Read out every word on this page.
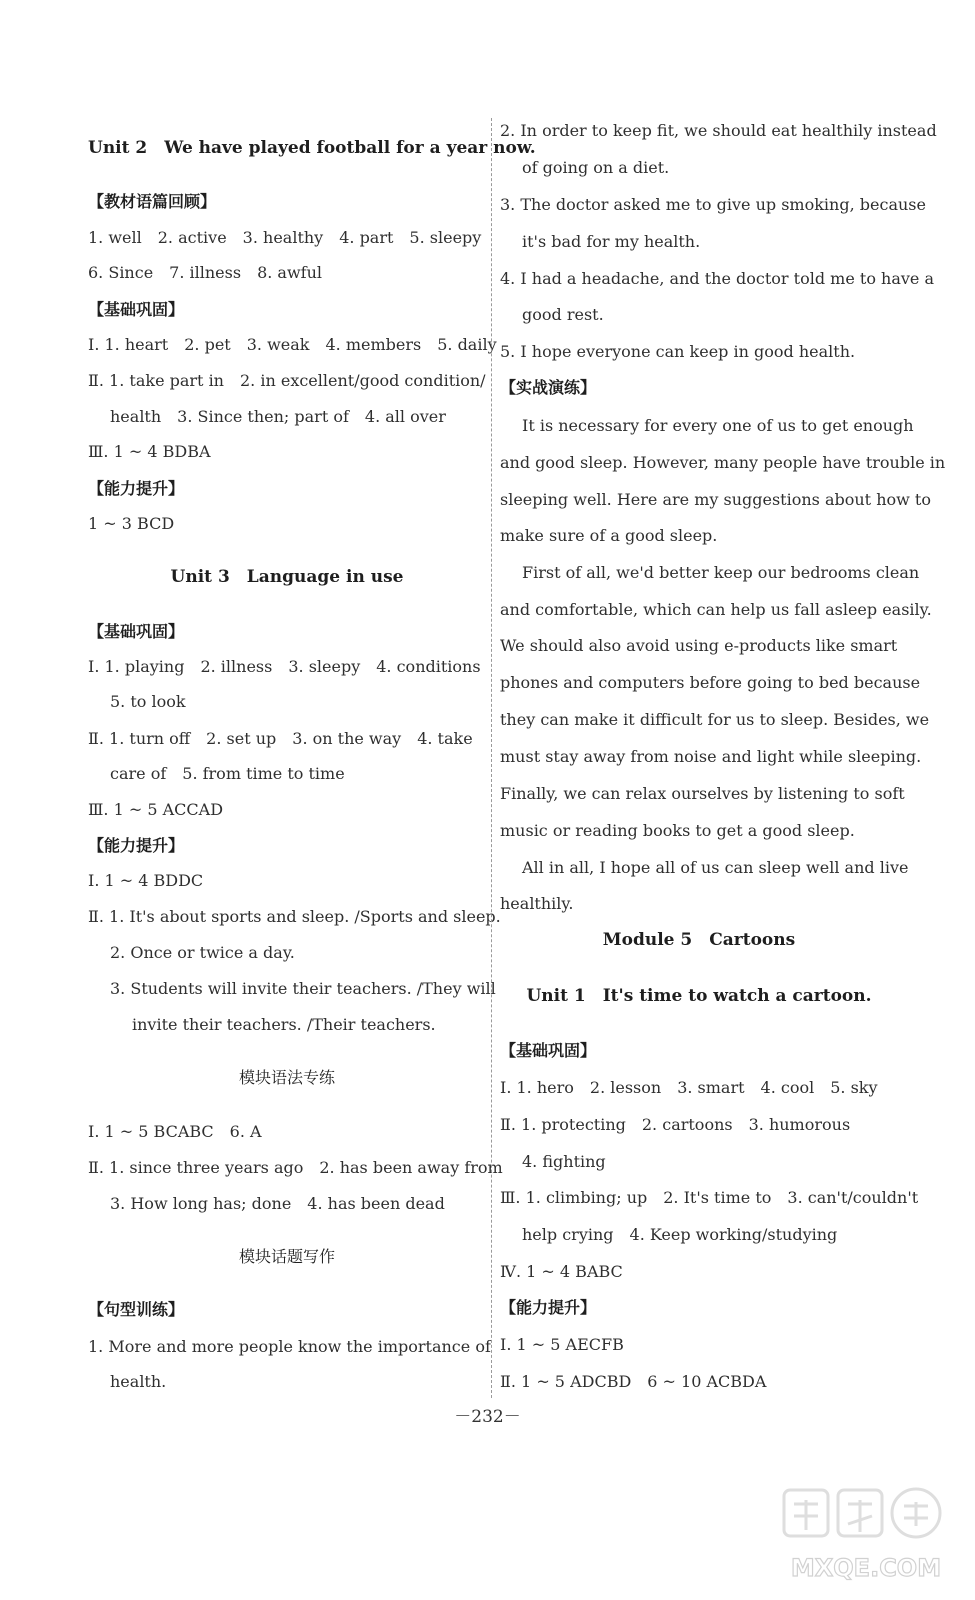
Unit 2　We have played football for a year now.
【教材语篇回顾】
1. well　2. active　3. healthy　4. part　5. sleepy
6. Since　7. illness　8. awful
【基础巩固】
Ⅰ. 1. heart　2. pet　3. weak　4. members　5. daily
Ⅱ. 1. take part in　2. in excellent/good condition/
health　3. Since then; part of　4. all over
Ⅲ. 1 ~ 4 BDBA
【能力提升】
1 ~ 3 BCD
Unit 3　Language in use
【基础巩固】
Ⅰ. 1. playing　2. illness　3. sleepy　4. conditions
5. to look
Ⅱ. 1. turn off　2. set up　3. on the way　4. take
care of　5. from time to time
Ⅲ. 1 ~ 5 ACCAD
【能力提升】
Ⅰ. 1 ~ 4 BDDC
Ⅱ. 1. It's about sports and sleep. /Sports and sleep.
2. Once or twice a day.
3. Students will invite their teachers. /They will
invite their teachers. /Their teachers.
模块语法专练
Ⅰ. 1 ~ 5 BCABC　6. A
Ⅱ. 1. since three years ago　2. has been away from
3. How long has; done　4. has been dead
模块话题写作
【句型训练】
1. More and more people know the importance of
health.
2. In order to keep fit, we should eat healthily instead
of going on a diet.
3. The doctor asked me to give up smoking, because
it's bad for my health.
4. I had a headache, and the doctor told me to have a
good rest.
5. I hope everyone can keep in good health.
【实战演练】
It is necessary for every one of us to get enough
and good sleep. However, many people have trouble in
sleeping well. Here are my suggestions about how to
make sure of a good sleep.
First of all, we'd better keep our bedrooms clean
and comfortable, which can help us fall asleep easily.
We should also avoid using e-products like smart
phones and computers before going to bed because
they can make it difficult for us to sleep. Besides, we
must stay away from noise and light while sleeping.
Finally, we can relax ourselves by listening to soft
music or reading books to get a good sleep.
All in all, I hope all of us can sleep well and live
healthily.
Module 5　Cartoons
Unit 1　It's time to watch a cartoon.
【基础巩固】
Ⅰ. 1. hero　2. lesson　3. smart　4. cool　5. sky
Ⅱ. 1. protecting　2. cartoons　3. humorous
4. fighting
Ⅲ. 1. climbing; up　2. It's time to　3. can't/couldn't
help crying　4. Keep working/studying
Ⅳ. 1 ~ 4 BABC
【能力提升】
Ⅰ. 1 ~ 5 AECFB
Ⅱ. 1 ~ 5 ADCBD　6 ~ 10 ACBDA
－232－
MXQE.COM
